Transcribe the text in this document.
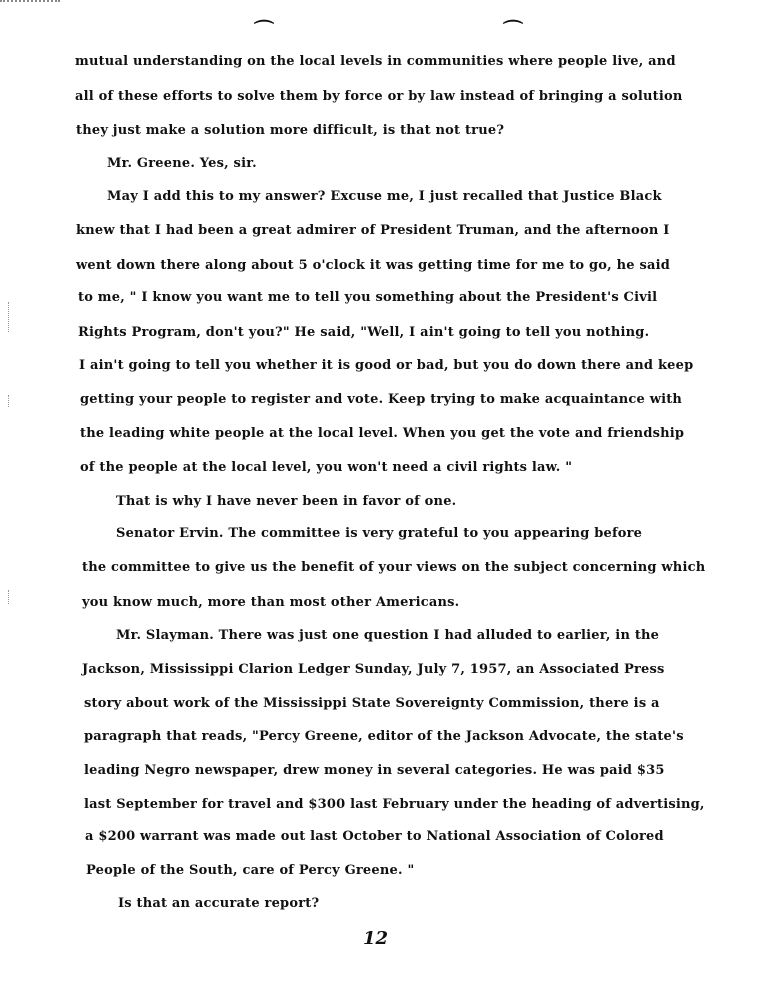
⌒	⌒
mutual understanding on the local levels in communities where people live, and
all of these efforts to solve them by force or by law instead of bringing a solution
they just make a solution more difficult, is that not true?
Mr. Greene. Yes, sir.
May I add this to my answer? Excuse me, I just recalled that Justice Black
knew that I had been a great admirer of President Truman, and the afternoon I
went down there along about 5 o'clock it was getting time for me to go, he said
to me, " I know you want me to tell you something about the President's Civil
Rights Program, don't you?" He said, "Well, I ain't going to tell you nothing.
I ain't going to tell you whether it is good or bad, but you do down there and keep
getting your people to register and vote. Keep trying to make acquaintance with
the leading white people at the local level. When you get the vote and friendship
of the people at the local level, you won't need a civil rights law. "
That is why I have never been in favor of one.
Senator Ervin. The committee is very grateful to you appearing before
the committee to give us the benefit of your views on the subject concerning which
you know much, more than most other Americans.
Mr. Slayman. There was just one question I had alluded to earlier, in the
Jackson, Mississippi Clarion Ledger Sunday, July 7, 1957, an Associated Press
story about work of the Mississippi State Sovereignty Commission, there is a
paragraph that reads, "Percy Greene, editor of the Jackson Advocate, the state's
leading Negro newspaper, drew money in several categories. He was paid $35
last September for travel and $300 last February under the heading of advertising,
a $200 warrant was made out last October to National Association of Colored
People of the South, care of Percy Greene. "
Is that an accurate report?
12
